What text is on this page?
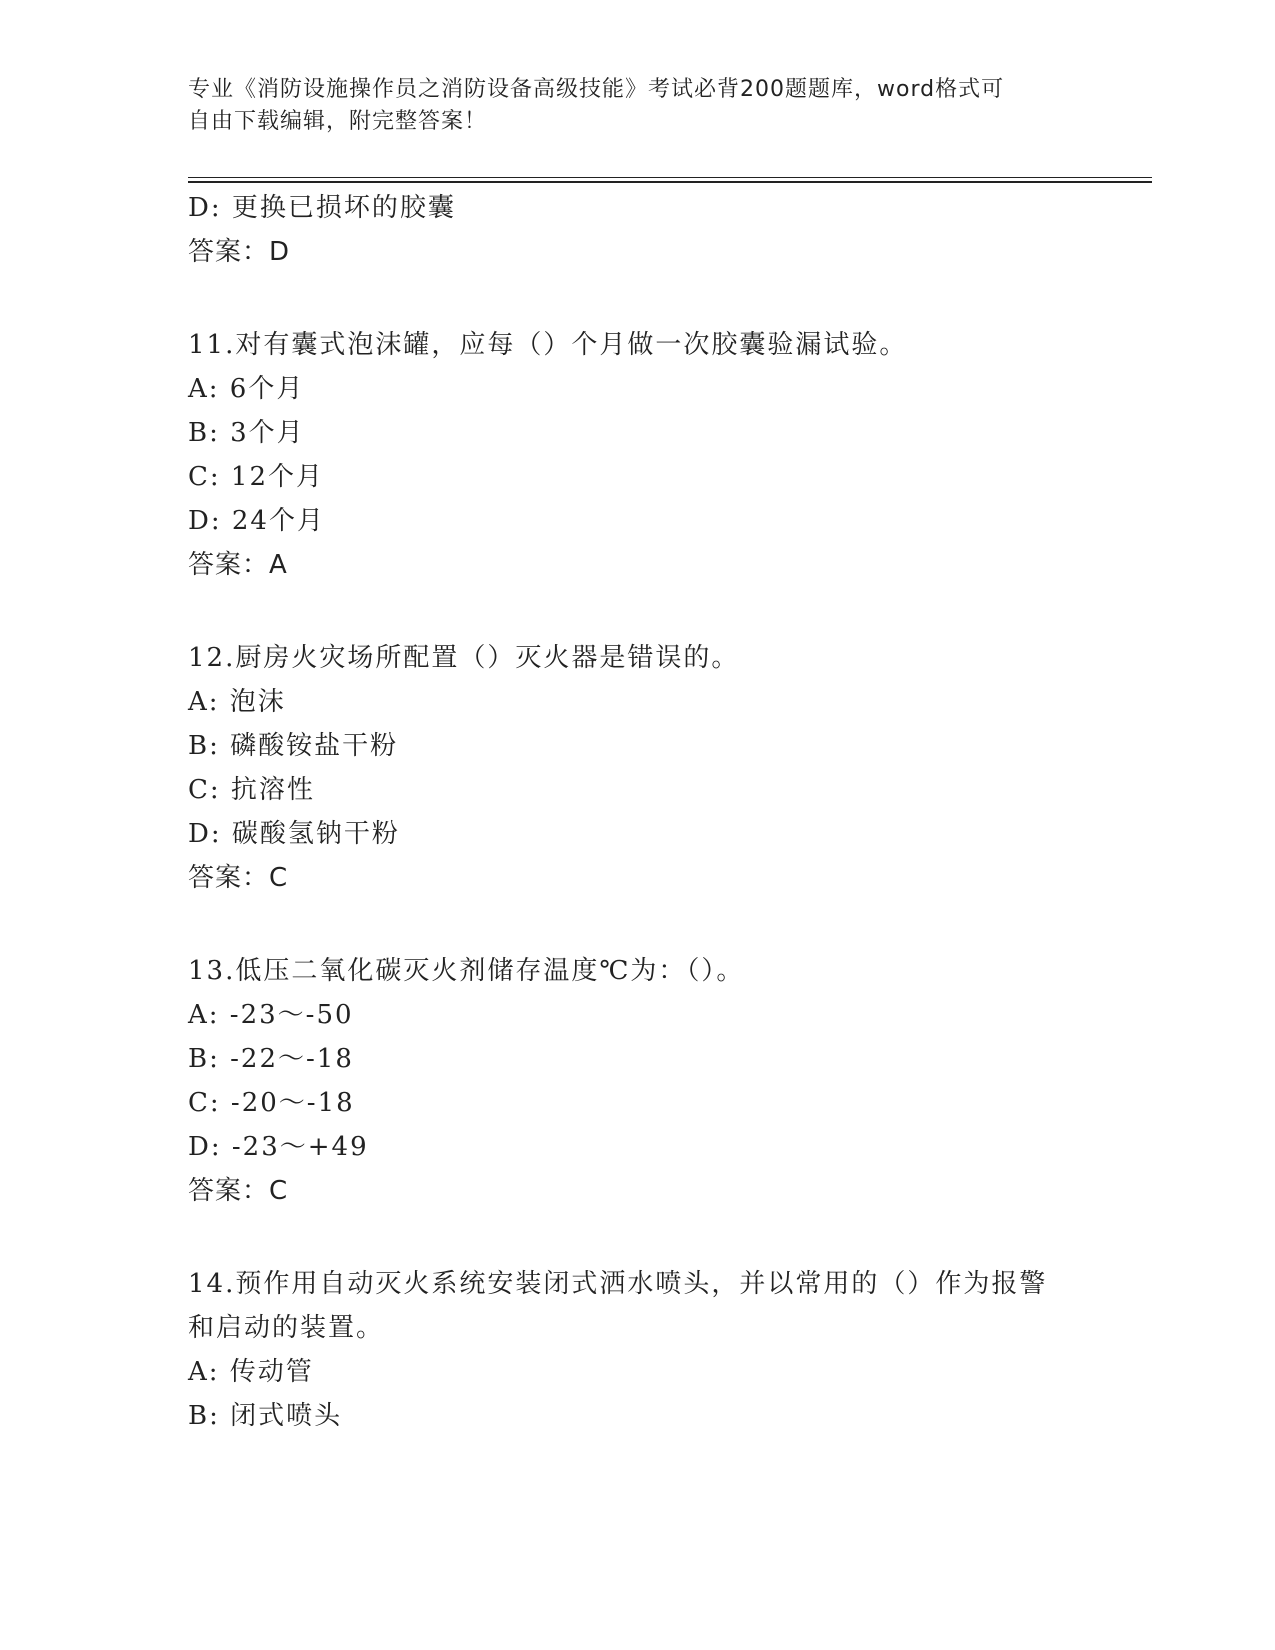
专业《消防设施操作员之消防设备高级技能》考试必背200题题库，word格式可
自由下载编辑，附完整答案！
D: 更换已损坏的胶囊
答案：D
11.对有囊式泡沫罐，应每（）个月做一次胶囊验漏试验。
A: 6个月
B: 3个月
C: 12个月
D: 24个月
答案：A
12.厨房火灾场所配置（）灭火器是错误的。
A: 泡沫
B: 磷酸铵盐干粉
C: 抗溶性
D: 碳酸氢钠干粉
答案：C
13.低压二氧化碳灭火剂储存温度℃为：（）。
A: -23～-50
B: -22～-18
C: -20～-18
D: -23～+49
答案：C
14.预作用自动灭火系统安装闭式洒水喷头，并以常用的（）作为报警
和启动的装置。
A: 传动管
B: 闭式喷头
